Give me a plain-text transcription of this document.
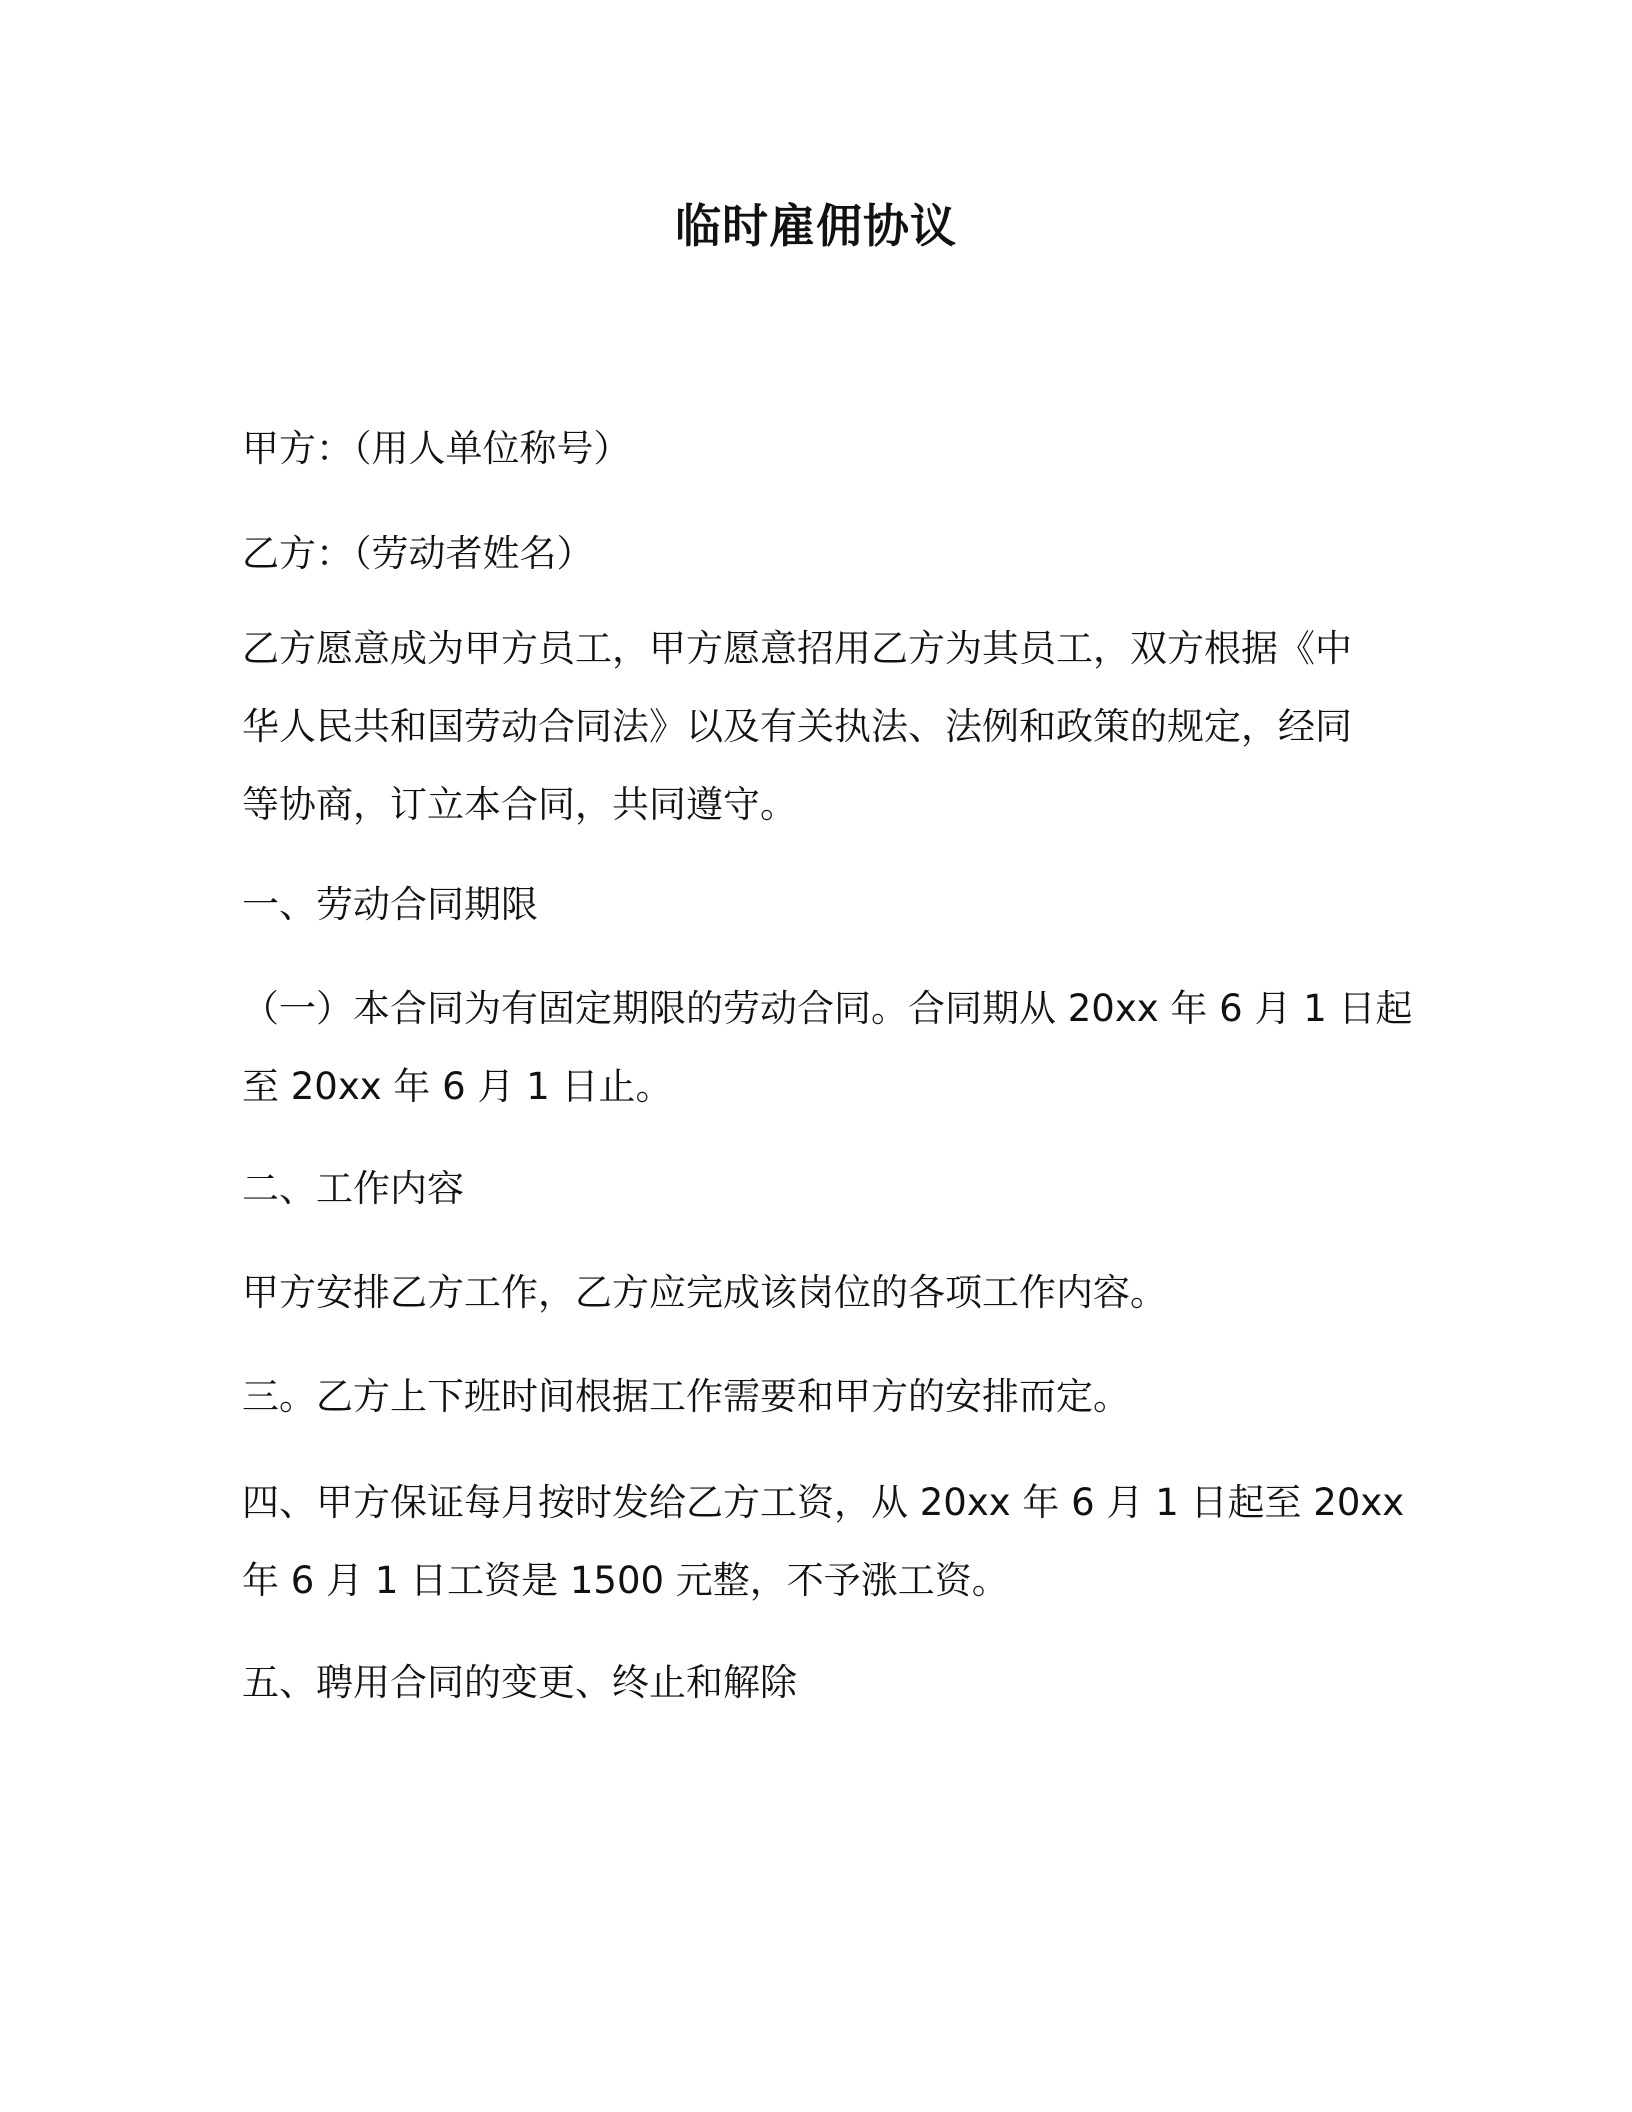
临时雇佣协议
甲方：（用人单位称号）
乙方：（劳动者姓名）
乙方愿意成为甲方员工，甲方愿意招用乙方为其员工，双方根据《中
华人民共和国劳动合同法》以及有关执法、法例和政策的规定，经同
等协商，订立本合同，共同遵守。
一、劳动合同期限
（一）本合同为有固定期限的劳动合同。合同期从 20xx 年 6 月 1 日起
至 20xx 年 6 月 1 日止。
二、工作内容
甲方安排乙方工作，乙方应完成该岗位的各项工作内容。
三。乙方上下班时间根据工作需要和甲方的安排而定。
四、甲方保证每月按时发给乙方工资，从 20xx 年 6 月 1 日起至 20xx
年 6 月 1 日工资是 1500 元整，不予涨工资。
五、聘用合同的变更、终止和解除
